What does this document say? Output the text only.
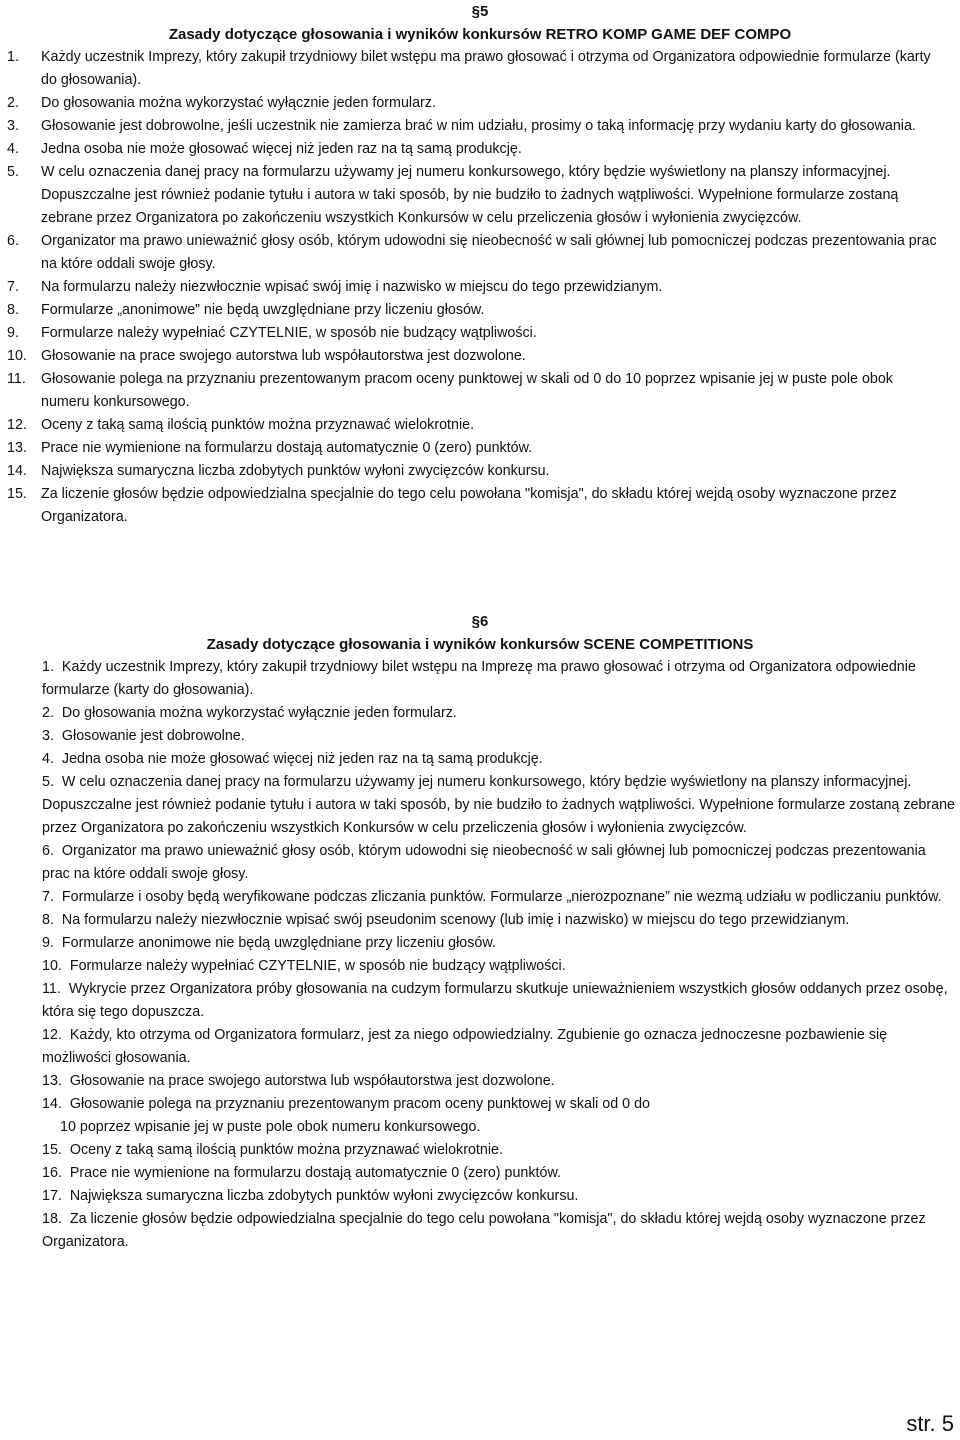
§5
Zasady dotyczące głosowania i wyników konkursów RETRO KOMP GAME DEF COMPO
1. Każdy uczestnik Imprezy, który zakupił trzydniowy bilet wstępu ma prawo głosować i otrzyma od Organizatora odpowiednie formularze (karty do głosowania).
2. Do głosowania można wykorzystać wyłącznie jeden formularz.
3. Głosowanie jest dobrowolne, jeśli uczestnik nie zamierza brać w nim udziału, prosimy o taką informację przy wydaniu karty do głosowania.
4. Jedna osoba nie może głosować więcej niż jeden raz na tą samą produkcję.
5. W celu oznaczenia danej pracy na formularzu używamy jej numeru konkursowego, który będzie wyświetlony na planszy informacyjnej. Dopuszczalne jest również podanie tytułu i autora w taki sposób, by nie budziło to żadnych wątpliwości. Wypełnione formularze zostaną zebrane przez Organizatora po zakończeniu wszystkich Konkursów w celu przeliczenia głosów i wyłonienia zwycięzców.
6. Organizator ma prawo unieważnić głosy osób, którym udowodni się nieobecność w sali głównej lub pomocniczej podczas prezentowania prac na które oddali swoje głosy.
7. Na formularzu należy niezwłocznie wpisać swój imię i nazwisko w miejscu do tego przewidzianym.
8. Formularze „anonimowe” nie będą uwzględniane przy liczeniu głosów.
9. Formularze należy wypełniać CZYTELNIE, w sposób nie budzący wątpliwości.
10. Głosowanie na prace swojego autorstwa lub współautorstwa jest dozwolone.
11. Głosowanie polega na przyznaniu prezentowanym pracom oceny punktowej w skali od 0 do 10 poprzez wpisanie jej w puste pole obok numeru konkursowego.
12. Oceny z taką samą ilością punktów można przyznawać wielokrotnie.
13. Prace nie wymienione na formularzu dostają automatycznie 0 (zero) punktów.
14. Największa sumaryczna liczba zdobytych punktów wyłoni zwycięzców konkursu.
15. Za liczenie głosów będzie odpowiedzialna specjalnie do tego celu powołana "komisja", do składu której wejdą osoby wyznaczone przez Organizatora.
§6
Zasady dotyczące głosowania i wyników konkursów SCENE COMPETITIONS
1. Każdy uczestnik Imprezy, który zakupił trzydniowy bilet wstępu na Imprezę ma prawo głosować i otrzyma od Organizatora odpowiednie formularze (karty do głosowania).
2. Do głosowania można wykorzystać wyłącznie jeden formularz.
3. Głosowanie jest dobrowolne.
4. Jedna osoba nie może głosować więcej niż jeden raz na tą samą produkcję.
5. W celu oznaczenia danej pracy na formularzu używamy jej numeru konkursowego, który będzie wyświetlony na planszy informacyjnej. Dopuszczalne jest również podanie tytułu i autora w taki sposób, by nie budziło to żadnych wątpliwości. Wypełnione formularze zostaną zebrane przez Organizatora po zakończeniu wszystkich Konkursów w celu przeliczenia głosów i wyłonienia zwycięzców.
6. Organizator ma prawo unieważnić głosy osób, którym udowodni się nieobecność w sali głównej lub pomocniczej podczas prezentowania prac na które oddali swoje głosy.
7. Formularze i osoby będą weryfikowane podczas zliczania punktów. Formularze „nierozpoznane” nie wezmą udziału w podliczaniu punktów.
8. Na formularzu należy niezwłocznie wpisać swój pseudonim scenowy (lub imię i nazwisko) w miejscu do tego przewidzianym.
9. Formularze anonimowe nie będą uwzględniane przy liczeniu głosów.
10. Formularze należy wypełniać CZYTELNIE, w sposób nie budzący wątpliwości.
11. Wykrycie przez Organizatora próby głosowania na cudzym formularzu skutkuje unieważnieniem wszystkich głosów oddanych przez osobę, która się tego dopuszcza.
12. Każdy, kto otrzyma od Organizatora formularz, jest za niego odpowiedzialny. Zgubienie go oznacza jednoczesne pozbawienie się możliwości głosowania.
13. Głosowanie na prace swojego autorstwa lub współautorstwa jest dozwolone.
14. Głosowanie polega na przyznaniu prezentowanym pracom oceny punktowej w skali od 0 do
10 poprzez wpisanie jej w puste pole obok numeru konkursowego.
15. Oceny z taką samą ilością punktów można przyznawać wielokrotnie.
16. Prace nie wymienione na formularzu dostają automatycznie 0 (zero) punktów.
17. Największa sumaryczna liczba zdobytych punktów wyłoni zwycięzców konkursu.
18. Za liczenie głosów będzie odpowiedzialna specjalnie do tego celu powołana "komisja", do składu której wejdą osoby wyznaczone przez Organizatora.
str. 5
